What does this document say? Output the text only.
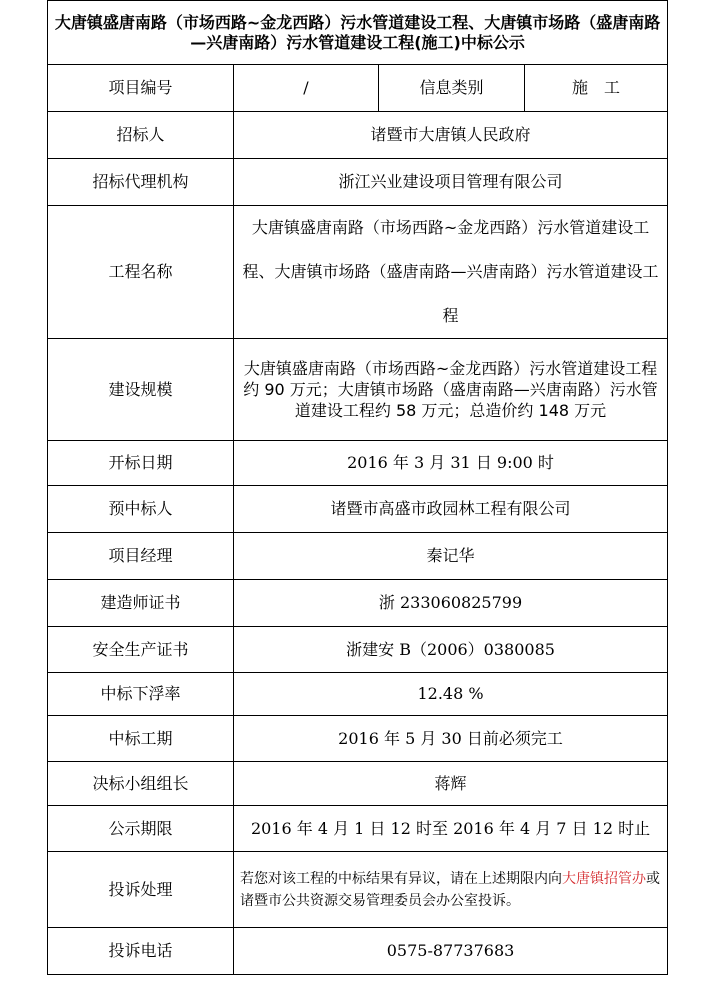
大唐镇盛唐南路（市场西路~金龙西路）污水管道建设工程、大唐镇市场路（盛唐南路—兴唐南路）污水管道建设工程(施工)中标公示			
项目编号	/	信息类别	施　工
招标人	诸暨市大唐镇人民政府		
招标代理机构	浙江兴业建设项目管理有限公司		
工程名称	大唐镇盛唐南路（市场西路~金龙西路）污水管道建设工程、大唐镇市场路（盛唐南路—兴唐南路）污水管道建设工程		
建设规模	大唐镇盛唐南路（市场西路~金龙西路）污水管道建设工程约 90 万元；大唐镇市场路（盛唐南路—兴唐南路）污水管道建设工程约 58 万元；总造价约 148 万元		
开标日期	2016 年 3 月 31 日 9:00 时		
预中标人	诸暨市高盛市政园林工程有限公司		
项目经理	秦记华		
建造师证书	浙 233060825799		
安全生产证书	浙建安 B（2006）0380085		
中标下浮率	12.48 %		
中标工期	2016 年 5 月 30 日前必须完工		
决标小组组长	蒋辉		
公示期限	2016 年 4 月 1 日 12 时至 2016 年 4 月 7 日 12 时止		
投诉处理	若您对该工程的中标结果有异议，请在上述期限内向大唐镇招管办或诸暨市公共资源交易管理委员会办公室投诉。		
投诉电话	0575-87737683		
